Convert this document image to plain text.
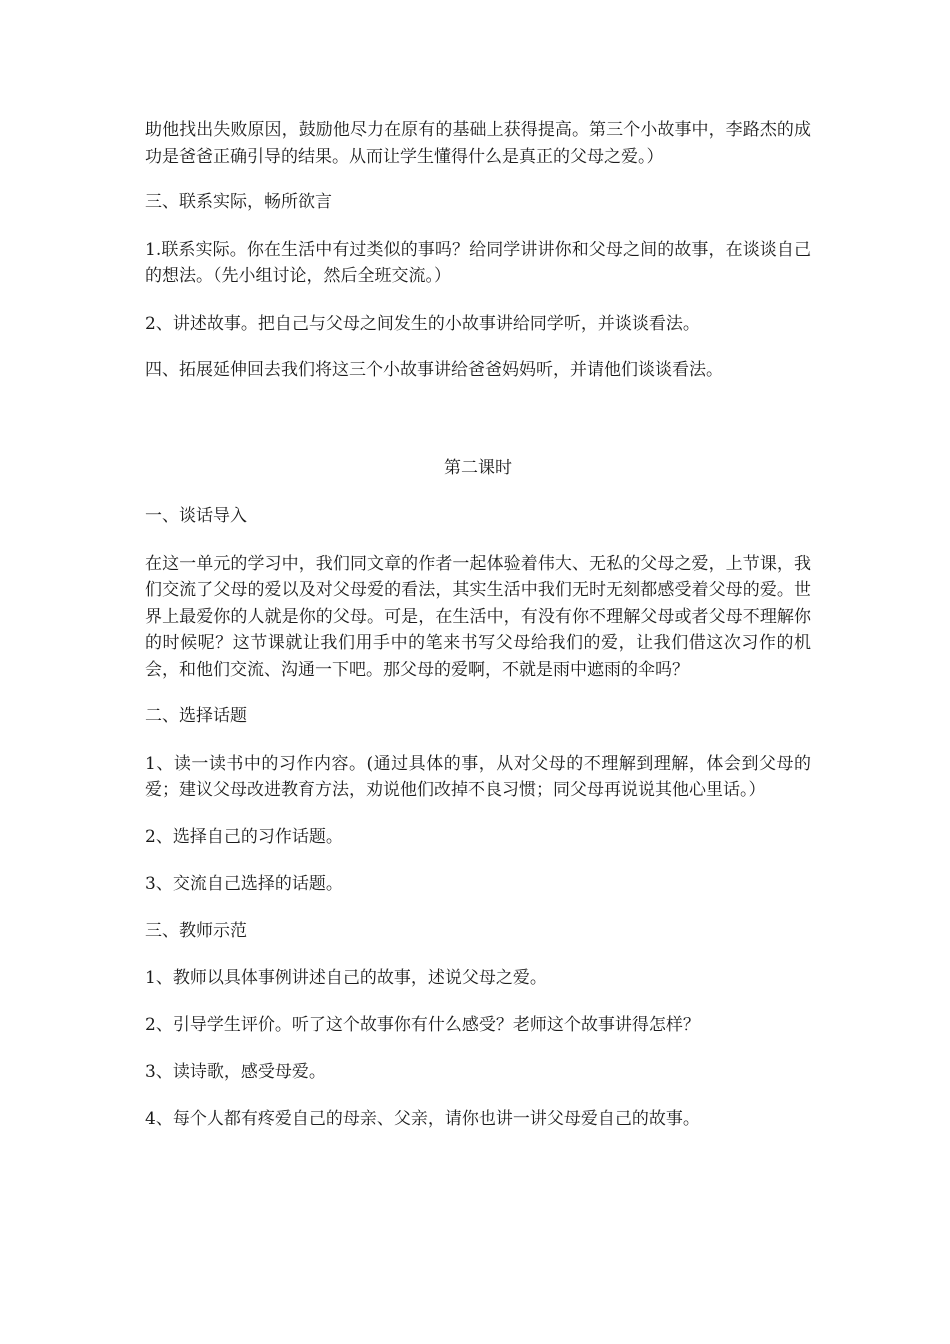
助他找出失败原因，鼓励他尽力在原有的基础上获得提高。第三个小故事中，李路杰的成功是爸爸正确引导的结果。从而让学生懂得什么是真正的父母之爱。）

三、联系实际，畅所欲言

1.联系实际。你在生活中有过类似的事吗？给同学讲讲你和父母之间的故事，在谈谈自己的想法。（先小组讨论，然后全班交流。）

2、讲述故事。把自己与父母之间发生的小故事讲给同学听，并谈谈看法。

四、拓展延伸回去我们将这三个小故事讲给爸爸妈妈听，并请他们谈谈看法。

第二课时

一、谈话导入

在这一单元的学习中，我们同文章的作者一起体验着伟大、无私的父母之爱，上节课，我们交流了父母的爱以及对父母爱的看法，其实生活中我们无时无刻都感受着父母的爱。世界上最爱你的人就是你的父母。可是，在生活中，有没有你不理解父母或者父母不理解你的时候呢？这节课就让我们用手中的笔来书写父母给我们的爱，让我们借这次习作的机会，和他们交流、沟通一下吧。那父母的爱啊，不就是雨中遮雨的伞吗？

二、选择话题

1、读一读书中的习作内容。(通过具体的事，从对父母的不理解到理解，体会到父母的爱；建议父母改进教育方法，劝说他们改掉不良习惯；同父母再说说其他心里话。）

2、选择自己的习作话题。

3、交流自己选择的话题。

三、教师示范

1、教师以具体事例讲述自己的故事，述说父母之爱。

2、引导学生评价。听了这个故事你有什么感受？老师这个故事讲得怎样？

3、读诗歌，感受母爱。

4、每个人都有疼爱自己的母亲、父亲，请你也讲一讲父母爱自己的故事。
